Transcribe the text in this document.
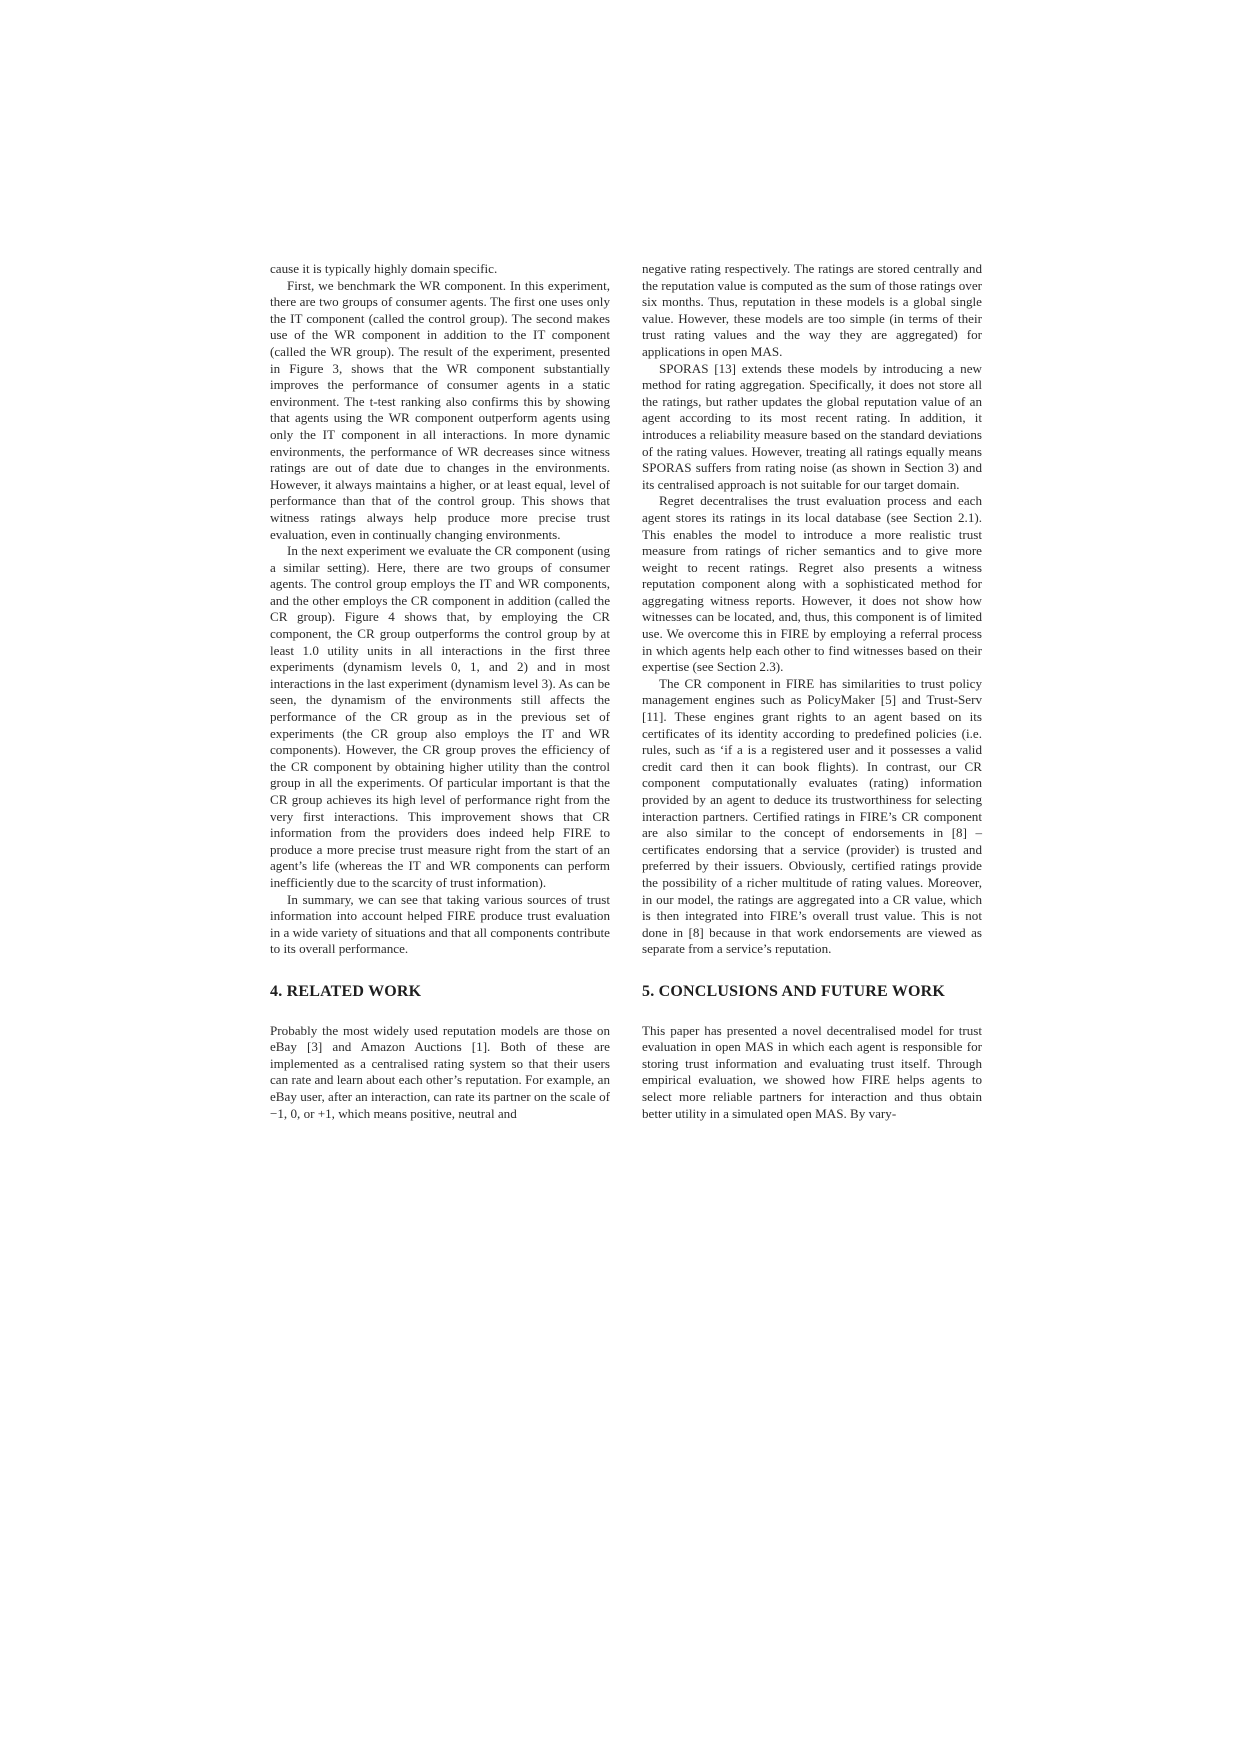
cause it is typically highly domain specific.

First, we benchmark the WR component. In this experiment, there are two groups of consumer agents. The first one uses only the IT component (called the control group). The second makes use of the WR component in addition to the IT component (called the WR group). The result of the experiment, presented in Figure 3, shows that the WR component substantially improves the performance of consumer agents in a static environment. The t-test ranking also confirms this by showing that agents using the WR component outperform agents using only the IT component in all interactions. In more dynamic environments, the performance of WR decreases since witness ratings are out of date due to changes in the environments. However, it always maintains a higher, or at least equal, level of performance than that of the control group. This shows that witness ratings always help produce more precise trust evaluation, even in continually changing environments.

In the next experiment we evaluate the CR component (using a similar setting). Here, there are two groups of consumer agents. The control group employs the IT and WR components, and the other employs the CR component in addition (called the CR group). Figure 4 shows that, by employing the CR component, the CR group outperforms the control group by at least 1.0 utility units in all interactions in the first three experiments (dynamism levels 0, 1, and 2) and in most interactions in the last experiment (dynamism level 3). As can be seen, the dynamism of the environments still affects the performance of the CR group as in the previous set of experiments (the CR group also employs the IT and WR components). However, the CR group proves the efficiency of the CR component by obtaining higher utility than the control group in all the experiments. Of particular important is that the CR group achieves its high level of performance right from the very first interactions. This improvement shows that CR information from the providers does indeed help FIRE to produce a more precise trust measure right from the start of an agent’s life (whereas the IT and WR components can perform inefficiently due to the scarcity of trust information).

In summary, we can see that taking various sources of trust information into account helped FIRE produce trust evaluation in a wide variety of situations and that all components contribute to its overall performance.

4. RELATED WORK

Probably the most widely used reputation models are those on eBay [3] and Amazon Auctions [1]. Both of these are implemented as a centralised rating system so that their users can rate and learn about each other’s reputation. For example, an eBay user, after an interaction, can rate its partner on the scale of −1, 0, or +1, which means positive, neutral and

negative rating respectively. The ratings are stored centrally and the reputation value is computed as the sum of those ratings over six months. Thus, reputation in these models is a global single value. However, these models are too simple (in terms of their trust rating values and the way they are aggregated) for applications in open MAS.

SPORAS [13] extends these models by introducing a new method for rating aggregation. Specifically, it does not store all the ratings, but rather updates the global reputation value of an agent according to its most recent rating. In addition, it introduces a reliability measure based on the standard deviations of the rating values. However, treating all ratings equally means SPORAS suffers from rating noise (as shown in Section 3) and its centralised approach is not suitable for our target domain.

Regret decentralises the trust evaluation process and each agent stores its ratings in its local database (see Section 2.1). This enables the model to introduce a more realistic trust measure from ratings of richer semantics and to give more weight to recent ratings. Regret also presents a witness reputation component along with a sophisticated method for aggregating witness reports. However, it does not show how witnesses can be located, and, thus, this component is of limited use. We overcome this in FIRE by employing a referral process in which agents help each other to find witnesses based on their expertise (see Section 2.3).

The CR component in FIRE has similarities to trust policy management engines such as PolicyMaker [5] and Trust-Serv [11]. These engines grant rights to an agent based on its certificates of its identity according to predefined policies (i.e. rules, such as ‘if a is a registered user and it possesses a valid credit card then it can book flights). In contrast, our CR component computationally evaluates (rating) information provided by an agent to deduce its trustworthiness for selecting interaction partners. Certified ratings in FIRE’s CR component are also similar to the concept of endorsements in [8] – certificates endorsing that a service (provider) is trusted and preferred by their issuers. Obviously, certified ratings provide the possibility of a richer multitude of rating values. Moreover, in our model, the ratings are aggregated into a CR value, which is then integrated into FIRE’s overall trust value. This is not done in [8] because in that work endorsements are viewed as separate from a service’s reputation.

5. CONCLUSIONS AND FUTURE WORK

This paper has presented a novel decentralised model for trust evaluation in open MAS in which each agent is responsible for storing trust information and evaluating trust itself. Through empirical evaluation, we showed how FIRE helps agents to select more reliable partners for interaction and thus obtain better utility in a simulated open MAS. By vary-
